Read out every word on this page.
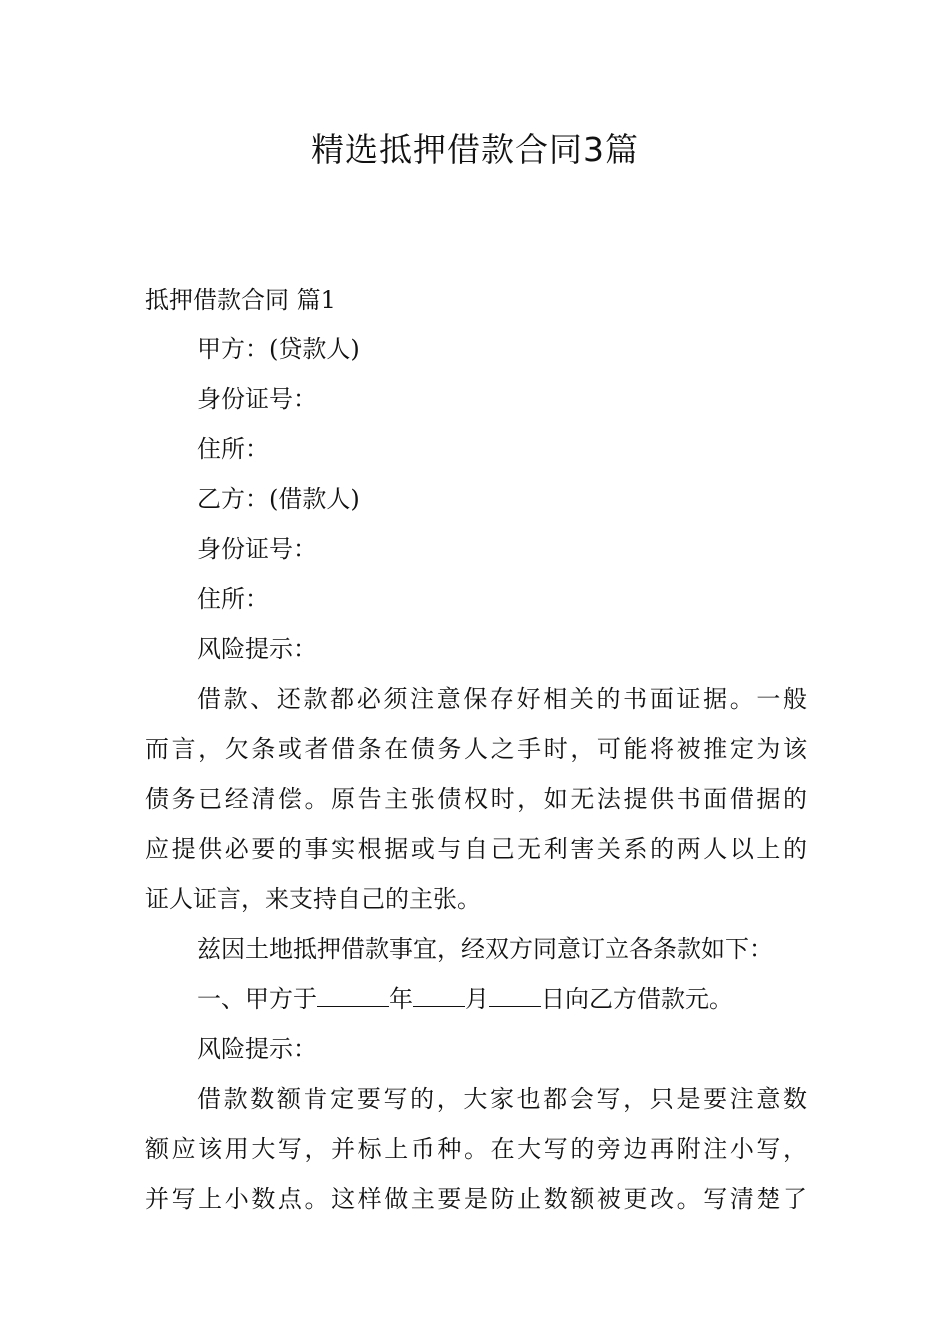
精选抵押借款合同3篇
抵押借款合同 篇1
甲方：(贷款人)
身份证号：
住所：
乙方：(借款人)
身份证号：
住所：
风险提示：
借款、还款都必须注意保存好相关的书面证据。一般
而言，欠条或者借条在债务人之手时，可能将被推定为该
债务已经清偿。原告主张债权时，如无法提供书面借据的
应提供必要的事实根据或与自己无利害关系的两人以上的
证人证言，来支持自己的主张。
兹因土地抵押借款事宜，经双方同意订立各条款如下：
一、甲方于	年 月 日向乙方借款元。
风险提示：
借款数额肯定要写的，大家也都会写，只是要注意数
额应该用大写，并标上币种。在大写的旁边再附注小写，
并写上小数点。这样做主要是防止数额被更改。写清楚了
